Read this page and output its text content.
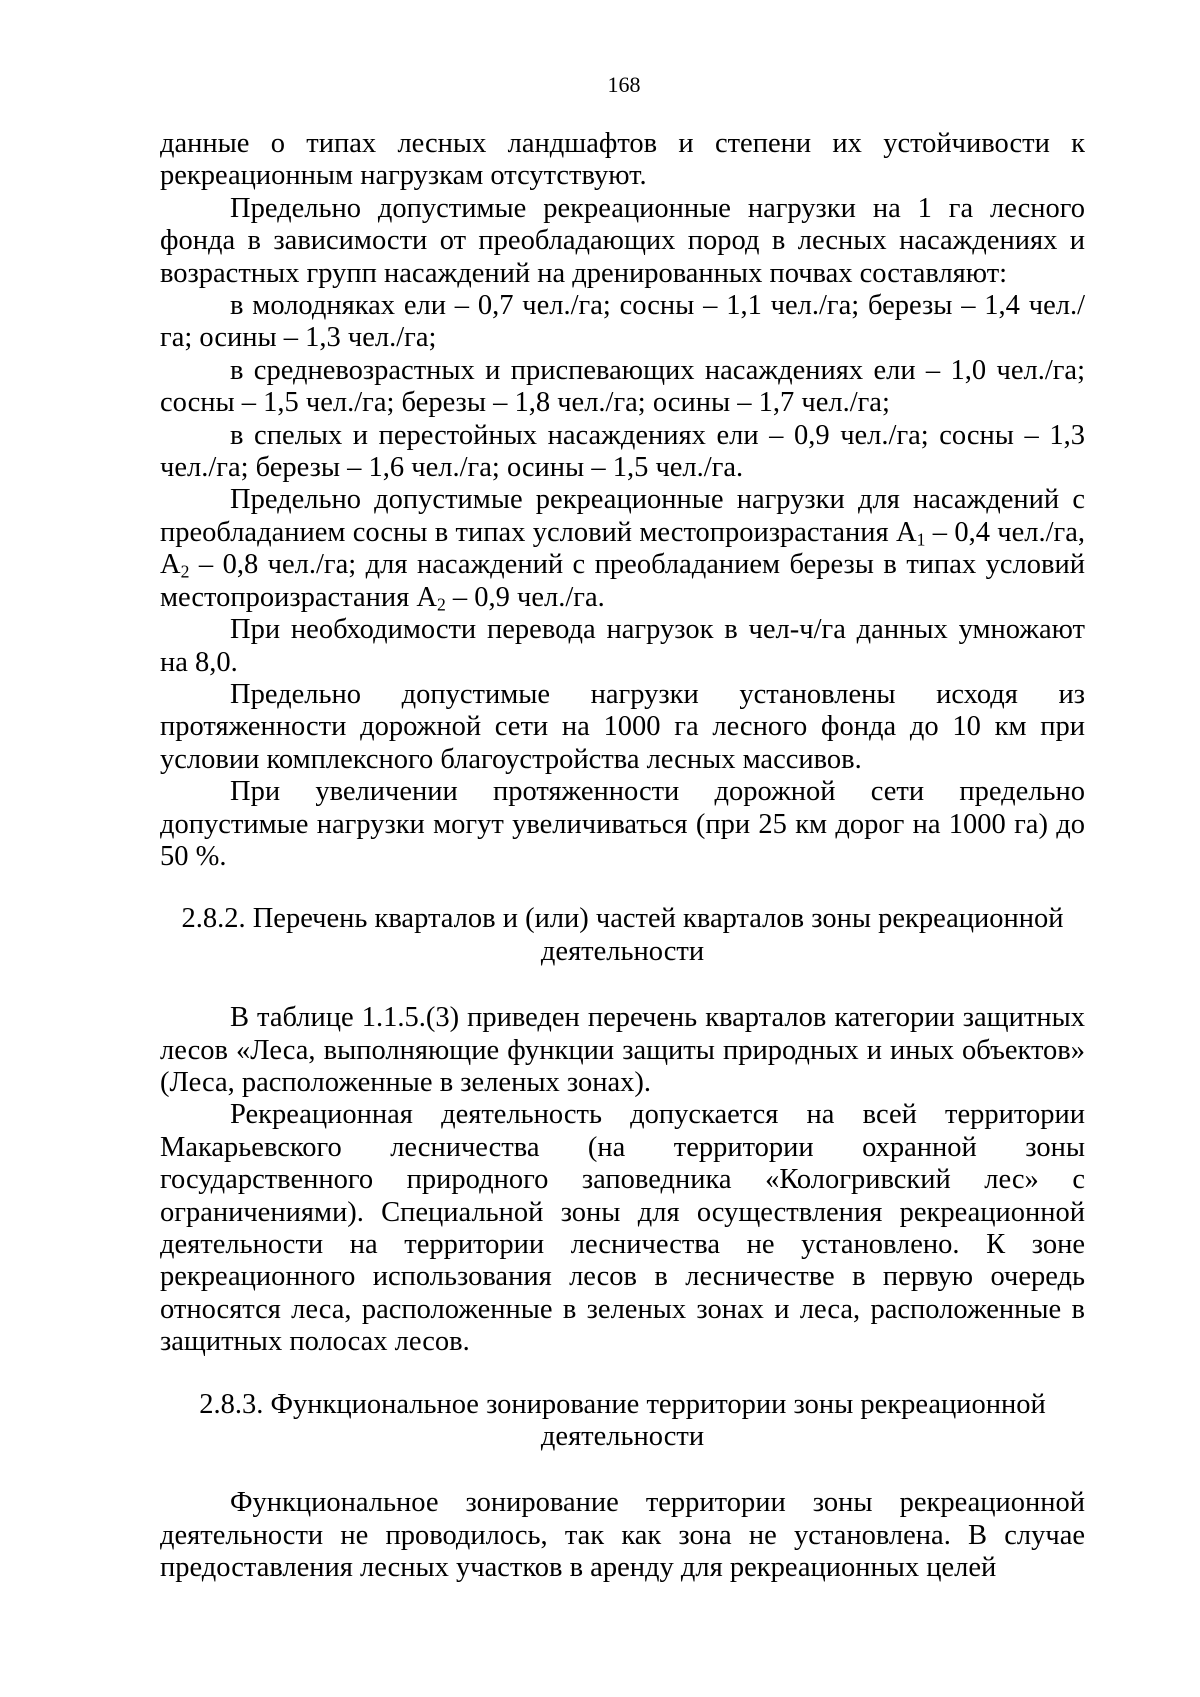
168

данные о типах лесных ландшафтов и степени их устойчивости к рекреационным нагрузкам отсутствуют.

Предельно допустимые рекреационные нагрузки на 1 га лесного фонда в зависимости от преобладающих пород в лесных насаждениях и возрастных групп насаждений на дренированных почвах составляют:

в молодняках ели – 0,7 чел./га; сосны – 1,1 чел./га; березы – 1,4 чел./га; осины – 1,3 чел./га;

в средневозрастных и приспевающих насаждениях ели – 1,0 чел./га; сосны – 1,5 чел./га; березы – 1,8 чел./га; осины – 1,7 чел./га;

в спелых и перестойных насаждениях ели – 0,9 чел./га; сосны – 1,3 чел./га; березы – 1,6 чел./га; осины – 1,5 чел./га.

Предельно допустимые рекреационные нагрузки для насаждений с преобладанием сосны в типах условий местопроизрастания $А_1 - 0,4$ чел./га, $А_2 - 0,8$ чел./га; для насаждений с преобладанием березы в типах условий местопроизрастания $А_2 - 0,9$ чел./га.

При необходимости перевода нагрузок в чел-ч/га данных умножают на 8,0.

Предельно допустимые нагрузки установлены исходя из протяженности дорожной сети на 1000 га лесного фонда до 10 км при условии комплексного благоустройства лесных массивов.

При увеличении протяженности дорожной сети предельно допустимые нагрузки могут увеличиваться (при 25 км дорог на 1000 га) до 50 %.

2.8.2. Перечень кварталов и (или) частей кварталов зоны рекреационной

деятельности

В таблице 1.1.5.(3) приведен перечень кварталов категории защитных лесов «Леса, выполняющие функции защиты природных и иных объектов» (Леса, расположенные в зеленых зонах).

Рекреационная деятельность допускается на всей территории Макарьевского лесничества (на территории охранной зоны государственного природного заповедника «Кологривский лес» с ограничениями). Специальной зоны для осуществления рекреационной деятельности на территории лесничества не установлено. К зоне рекреационного использования лесов в лесничестве в первую очередь относятся леса, расположенные в зеленых зонах и леса, расположенные в защитных полосах лесов.

2.8.3. Функциональное зонирование территории зоны рекреационной

деятельности

Функциональное зонирование территории зоны рекреационной деятельности не проводилось, так как зона не установлена. В случае предоставления лесных участков в аренду для рекреационных целей
